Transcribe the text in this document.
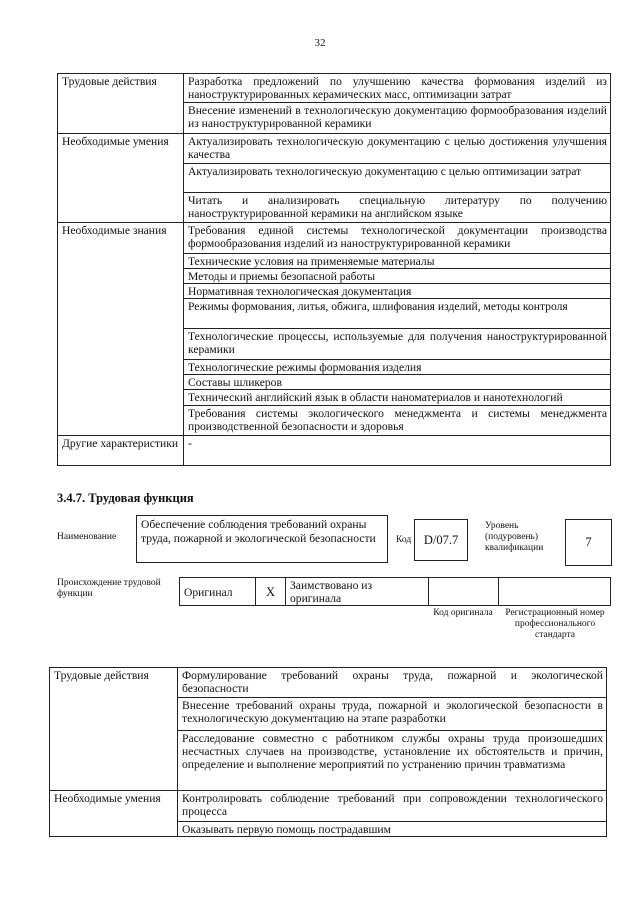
32
Трудовые действия	Разработка предложений по улучшению качества формования изделий из наноструктурированных керамических масс, оптимизации затрат
	Внесение изменений в технологическую документацию формообразования изделий из наноструктурированной керамики
Необходимые умения	Актуализировать технологическую документацию с целью достижения улучшения качества
	Актуализировать технологическую документацию с целью оптимизации затрат
	Читать и анализировать специальную литературу по получению наноструктурированной керамики на английском языке
Необходимые знания	Требования единой системы технологической документации производства формообразования изделий из наноструктурированной керамики
	Технические условия на применяемые материалы
	Методы и приемы безопасной работы
	Нормативная технологическая документация
	Режимы формования, литья, обжига, шлифования изделий, методы контроля
	Технологические процессы, используемые для получения наноструктурированной керамики
	Технологические режимы формования изделия
	Составы шликеров
	Технический английский язык в области наноматериалов и нанотехнологий
	Требования системы экологического менеджмента и системы менеджмента производственной безопасности и здоровья
Другие характеристики	-
3.4.7. Трудовая функция
Наименование
Обеспечение соблюдения требований охраны труда, пожарной и экологической безопасности	Код	D/07.7
Уровень (подуровень) квалификации	7
Происхождение трудовой функции	Оригинал	X	Заимствовано из оригинала		
Код оригинала	Регистрационный номер профессионального стандарта
Трудовые действия	Формулирование требований охраны труда, пожарной и экологической безопасности
	Внесение требований охраны труда, пожарной и экологической безопасности в технологическую документацию на этапе разработки
	Расследование совместно с работником службы охраны труда произошедших несчастных случаев на производстве, установление их обстоятельств и причин, определение и выполнение мероприятий по устранению причин травматизма
Необходимые умения	Контролировать соблюдение требований при сопровождении технологического процесса
	Оказывать первую помощь пострадавшим
